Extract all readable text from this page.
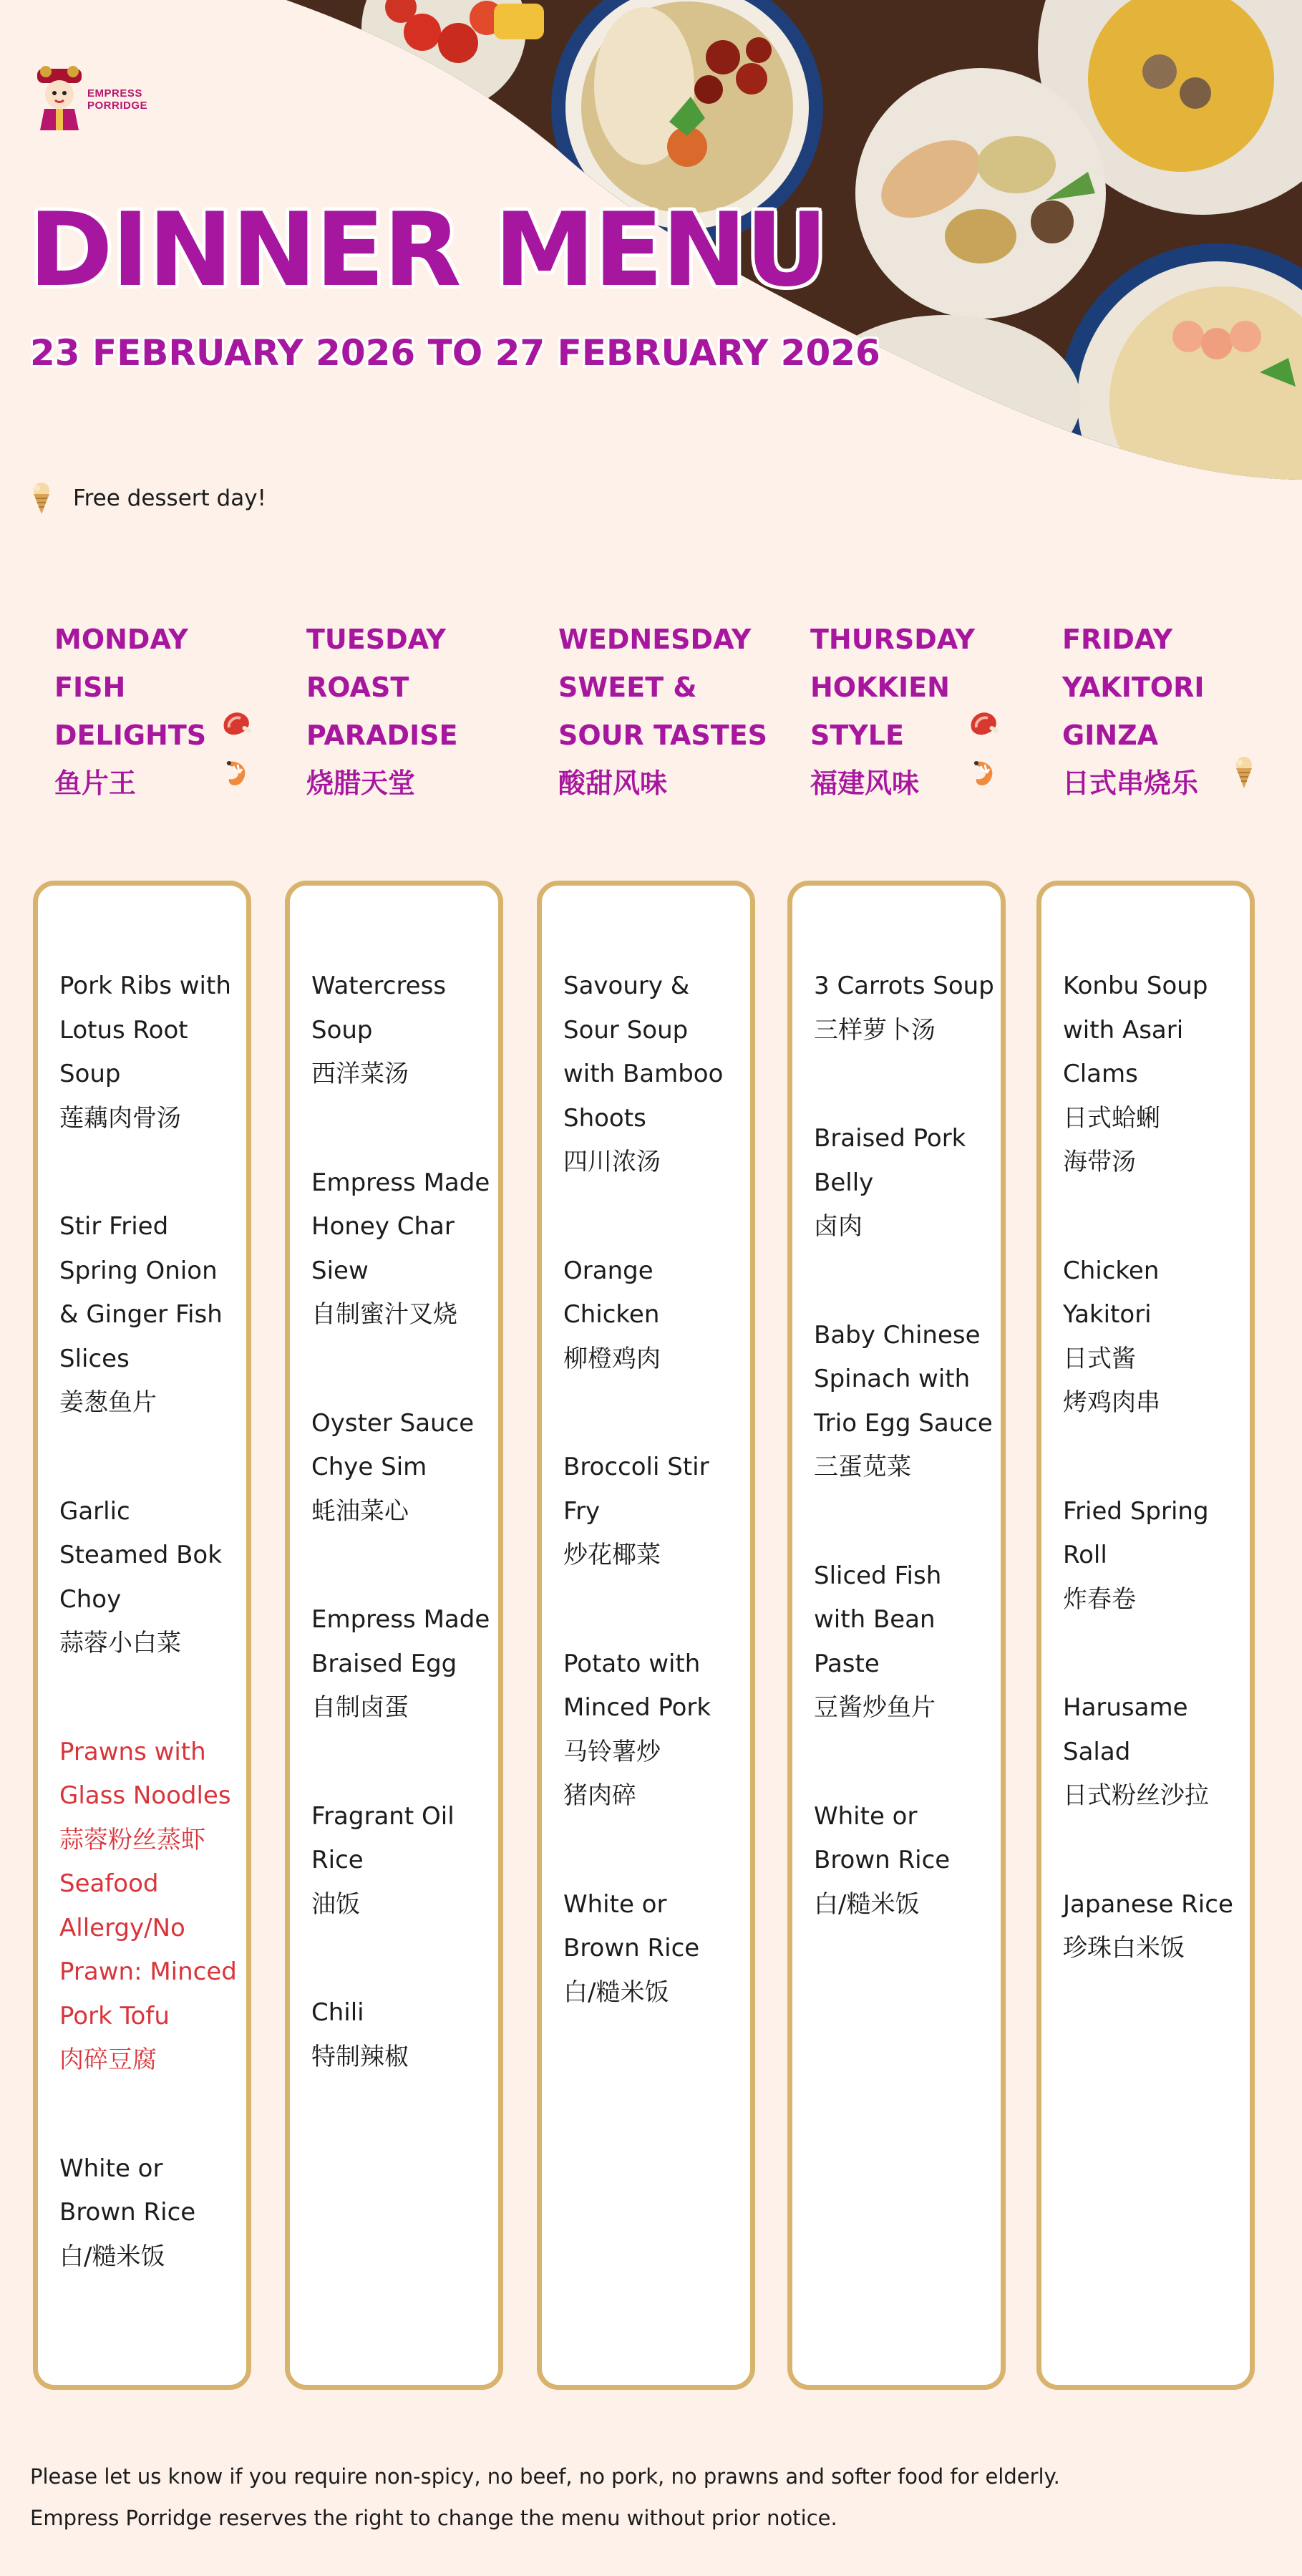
EMPRESS
PORRIDGE
DINNER MENU
23 FEBRUARY 2026 TO 27 FEBRUARY 2026
Free dessert day!
MONDAY
FISH
DELIGHTS
鱼片王
TUESDAY
ROAST
PARADISE
烧腊天堂
WEDNESDAY
SWEET &
SOUR TASTES
酸甜风味
THURSDAY
HOKKIEN
STYLE
福建风味
FRIDAY
YAKITORI
GINZA
日式串烧乐
Pork Ribs with
Lotus Root
Soup
莲藕肉骨汤
Stir Fried
Spring Onion
& Ginger Fish
Slices
姜葱鱼片
Garlic
Steamed Bok
Choy
蒜蓉小白菜
Prawns with
Glass Noodles
蒜蓉粉丝蒸虾
Seafood
Allergy/No
Prawn: Minced
Pork Tofu
肉碎豆腐
White or
Brown Rice
白/糙米饭
Watercress
Soup
西洋菜汤
Empress Made
Honey Char
Siew
自制蜜汁叉烧
Oyster Sauce
Chye Sim
蚝油菜心
Empress Made
Braised Egg
自制卤蛋
Fragrant Oil
Rice
油饭
Chili
特制辣椒
Savoury &
Sour Soup
with Bamboo
Shoots
四川浓汤
Orange
Chicken
柳橙鸡肉
Broccoli Stir
Fry
炒花椰菜
Potato with
Minced Pork
马铃薯炒
猪肉碎
White or
Brown Rice
白/糙米饭
3 Carrots Soup
三样萝卜汤
Braised Pork
Belly
卤肉
Baby Chinese
Spinach with
Trio Egg Sauce
三蛋苋菜
Sliced Fish
with Bean
Paste
豆酱炒鱼片
White or
Brown Rice
白/糙米饭
Konbu Soup
with Asari
Clams
日式蛤蜊
海带汤
Chicken
Yakitori
日式酱
烤鸡肉串
Fried Spring
Roll
炸春卷
Harusame
Salad
日式粉丝沙拉
Japanese Rice
珍珠白米饭
Please let us know if you require non-spicy, no beef, no pork, no prawns and softer food for elderly.
Empress Porridge reserves the right to change the menu without prior notice.
